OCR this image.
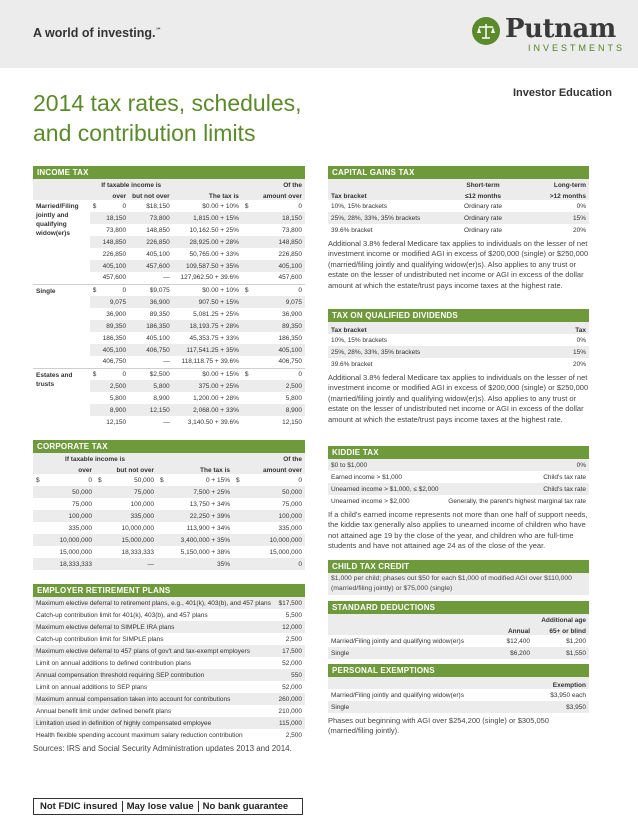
A world of investing.℠	Putnam
INVESTMENTS
2014 tax rates, schedules,
and contribution limits
Investor Education
INCOME TAX
	If taxable income is				Of the	
	over		but not over	The tax is	amount over	
Married/Filing jointly and qualifying widow(er)s	$	0	$18,150	$0.00 + 10%	$	0
		18,150	73,800	1,815.00 + 15%		18,150
		73,800	148,850	10,162.50 + 25%		73,800
		148,850	226,850	28,925.00 + 28%		148,850
		226,850	405,100	50,765.00 + 33%		226,850
		405,100	457,600	109,587.50 + 35%		405,100
		457,600	—	127,962.50 + 39.6%		457,600
Single	$	0	$9,075	$0.00 + 10%	$	0
		9,075	36,900	907.50 + 15%		9,075
		36,900	89,350	5,081.25 + 25%		36,900
		89,350	186,350	18,193.75 + 28%		89,350
		186,350	405,100	45,353.75 + 33%		186,350
		405,100	406,750	117,541.25 + 35%		405,100
		406,750	—	118,118.75 + 39.6%		406,750
Estates and trusts	$	0	$2,500	$0.00 + 15%	$	0
		2,500	5,800	375.00 + 25%		2,500
		5,800	8,900	1,200.00 + 28%		5,800
		8,900	12,150	2,068.00 + 33%		8,900
		12,150	—	3,140.50 + 39.6%		12,150
CORPORATE TAX
If taxable income is						Of the	
over		but not over		The tax is		amount over	
$	0	$	50,000	$	0 + 15%	$	0
	50,000		75,000		7,500 + 25%		50,000
	75,000		100,000		13,750 + 34%		75,000
	100,000		335,000		22,250 + 39%		100,000
	335,000		10,000,000		113,900 + 34%		335,000
	10,000,000		15,000,000		3,400,000 + 35%		10,000,000
	15,000,000		18,333,333		5,150,000 + 38%		15,000,000
	18,333,333		—		35%		0
EMPLOYER RETIREMENT PLANS
Maximum elective deferral to retirement plans, e.g., 401(k), 403(b), and 457 plans	$17,500
Catch-up contribution limit for 401(k), 403(b), and 457 plans	5,500
Maximum elective deferral to SIMPLE IRA plans	12,000
Catch-up contribution limit for SIMPLE plans	2,500
Maximum elective deferral to 457 plans of gov't and tax-exempt employers	17,500
Limit on annual additions to defined contribution plans	52,000
Annual compensation threshold requiring SEP contribution	550
Limit on annual additions to SEP plans	52,000
Maximum annual compensation taken into account for contributions	260,000
Annual benefit limit under defined benefit plans	210,000
Limitation used in definition of highly compensated employee	115,000
Health flexible spending account maximum salary reduction contribution	2,500
Sources: IRS and Social Security Administration updates 2013 and 2014.
CAPITAL GAINS TAX
	Short-term	Long-term
Tax bracket	≤12 months	>12 months
10%, 15% brackets	Ordinary rate	0%
25%, 28%, 33%, 35% brackets	Ordinary rate	15%
39.6% bracket	Ordinary rate	20%
Additional 3.8% federal Medicare tax applies to individuals on the lesser of net investment income or modified AGI in excess of $200,000 (single) or $250,000 (married/filing jointly and qualifying widow(er)s). Also applies to any trust or estate on the lesser of undistributed net income or AGI in excess of the dollar amount at which the estate/trust pays income taxes at the highest rate.
TAX ON QUALIFIED DIVIDENDS
Tax bracket	Tax
10%, 15% brackets	0%
25%, 28%, 33%, 35% brackets	15%
39.6% bracket	20%
Additional 3.8% federal Medicare tax applies to individuals on the lesser of net investment income or modified AGI in excess of $200,000 (single) or $250,000 (married/filing jointly and qualifying widow(er)s). Also applies to any trust or estate on the lesser of undistributed net income or AGI in excess of the dollar amount at which the estate/trust pays income taxes at the highest rate.
KIDDIE TAX
$0 to $1,000	0%
Earned income > $1,000	Child's tax rate
Unearned income > $1,000, ≤ $2,000	Child's tax rate
Unearned income > $2,000	Generally, the parent's highest marginal tax rate
If a child's earned income represents not more than one half of support needs, the kiddie tax generally also applies to unearned income of children who have not attained age 19 by the close of the year, and children who are full-time students and have not attained age 24 as of the close of the year.
CHILD TAX CREDIT
$1,000 per child; phases out $50 for each $1,000 of modified AGI over $110,000 (married/filing jointly) or $75,000 (single)
STANDARD DEDUCTIONS
		Additional age
	Annual	65+ or blind
Married/Filing jointly and qualifying widow(er)s	$12,400	$1,200
Single	$6,200	$1,550
PERSONAL EXEMPTIONS
	Exemption
Married/Filing jointly and qualifying widow(er)s	$3,950 each
Single	$3,950
Phases out beginning with AGI over $254,200 (single) or $305,050 (married/filing jointly).
Not FDIC insured May lose value No bank guarantee
